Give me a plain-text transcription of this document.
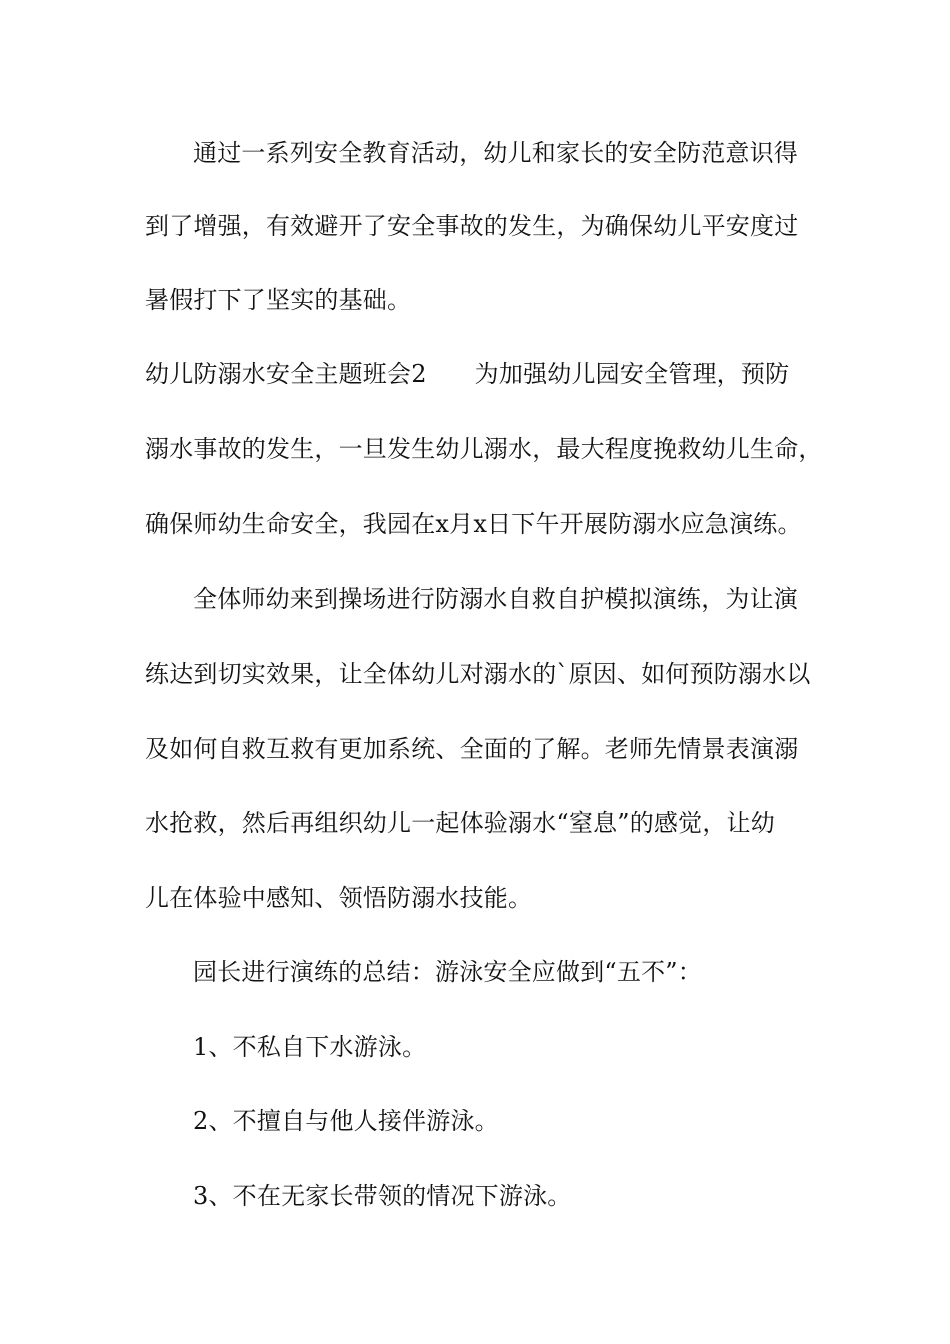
通过一系列安全教育活动，幼儿和家长的安全防范意识得
到了增强，有效避开了安全事故的发生，为确保幼儿平安度过
暑假打下了坚实的基础。
幼儿防溺水安全主题班会2 为加强幼儿园安全管理，预防
溺水事故的发生，一旦发生幼儿溺水，最大程度挽救幼儿生命，
确保师幼生命安全，我园在x月x日下午开展防溺水应急演练。
全体师幼来到操场进行防溺水自救自护模拟演练，为让演
练达到切实效果，让全体幼儿对溺水的`原因、如何预防溺水以
及如何自救互救有更加系统、全面的了解。老师先情景表演溺
水抢救，然后再组织幼儿一起体验溺水“窒息”的感觉，让幼
儿在体验中感知、领悟防溺水技能。
园长进行演练的总结：游泳安全应做到“五不”：
1、不私自下水游泳。
2、不擅自与他人接伴游泳。
3、不在无家长带领的情况下游泳。
